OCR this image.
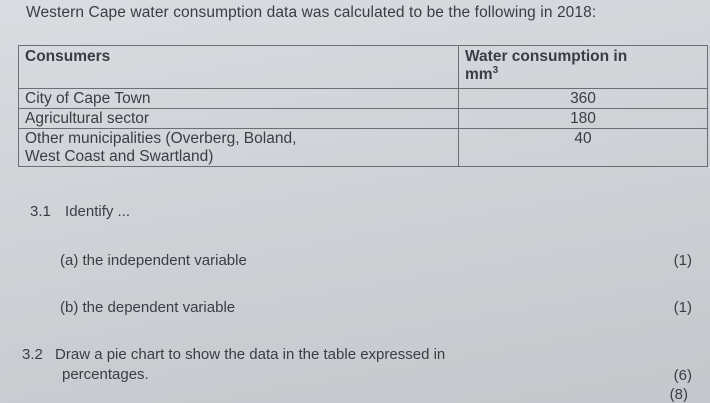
Western Cape water consumption data was calculated to be the following in 2018:
Consumers	Water consumption in
$mm^3$
City of Cape Town	360
Agricultural sector	180
Other municipalities (Overberg, Boland,
West Coast and Swartland)	40
3.1 Identify ...
(a) the independent variable	(1)
(b) the dependent variable	(1)
3.2 Draw a pie chart to show the data in the table expressed in
percentages.	(6)
(8)
